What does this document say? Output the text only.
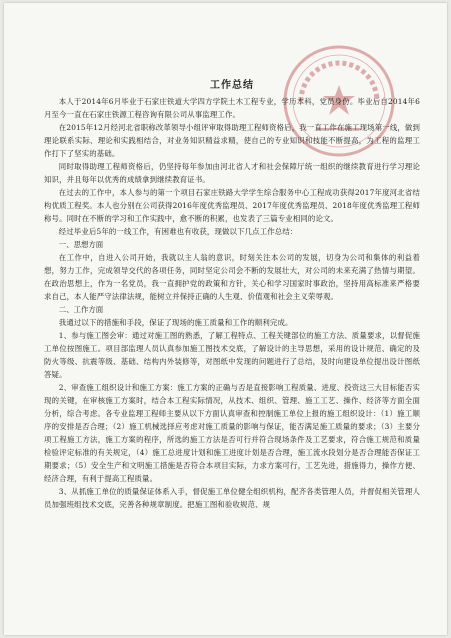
工作总结

本人于2014年6月毕业于石家庄铁道大学四方学院土木工程专业，学历本科，党员身份。毕业后自2014年6月至今一直在石家庄铁源工程咨询有限公司从事监理工作。

在2015年12月经河北省职称改革领导小组评审取得助理工程师资格后，我一直工作在施工现场第一线，做到理论联系实际、理论和实践相结合，对业务知识精益求精，使自己的专业知识和技能不断提高，为工程的监理工作打下了坚实的基础。

同时取得助理工程师资格后，仍坚持每年参加由河北省人才和社会保障厅统一组织的继续教育进行学习理论知识，并且每年以优秀的成绩拿到继续教育证书。

在过去的工作中，本人参与的第一个项目石家庄铁路大学学生综合服务中心工程成功获得2017年度河北省结构优质工程奖。本人也分别在公司获得2016年度优秀监理员、2017年度优秀监理员、2018年度优秀监理工程师称号。同时在不断的学习和工作实践中，愈不断的积累，也发表了三篇专业相同的论文。

经过毕业后5年的一线工作，有困难也有收获，现做以下几点工作总结：

一、思想方面

在工作中，自进入公司开始，我就以主人翁的意识，时刻关注本公司的发展，切身为公司和集体的利益着想，努力工作，完成领导交代的各项任务，同时坚定公司会不断的发展壮大，对公司的未来充满了热情与期望。在政治思想上，作为一名党员，我一直拥护党的政策和方针，关心和学习国家时事政治，坚持用高标准来严格要求自己，本人能严守法律法规，能树立并保持正确的人生观、价值观和社会主义荣辱观。

二、工作方面

我通过以下的措施和手段，保证了现场的施工质量和工作的顺利完成。

1、参与施工图会审：通过对施工图的熟悉，了解工程特点、工程关键部位的施工方法、质量要求，以督促施工单位按图施工。项目部监理人员认真参加施工图技术交底，了解设计的主导思想，采用的设计规范、确定的及防火等级、抗震等级、基础、结构内外装修等，对图纸中发现的问题进行了总结，及时向建设单位提出设计图纸答疑。

2、审查施工组织设计和施工方案：施工方案的正确与否是直接影响工程质量、进度、投资这三大目标能否实现的关键，在审核施工方案时，结合本工程实际情况，从技术、组织、管理、施工工艺、操作、经济等方面全面分析，综合考虑。各专业监理工程师主要从以下方面认真审查和控制施工单位上报的施工组织设计：（1）施工顺序的安排是否合理；（2）施工机械选择应考虑对施工质量的影响与保证，能否满足施工质量的要求；（3）主要分项工程施工方法，施工方案的程序，所选的施工方法是否可行并符合现场条件及工艺要求，符合施工规范和质量检验评定标准的有关规定，（4）施工总进度计划和施工进度计划是否合理，施工流水段划分是否合理能否保证工期要求；（5）安全生产和文明施工措施是否符合本项目实际，力求方案可行，工艺先进，措施得力，操作方便、经济合理，有利于提高工程质量。

3、从抓施工单位的质量保证体系入手，督促施工单位健全组织机构，配齐各类管理人员，并督促相关管理人员加强班组技术交底，完善各种规章制度。把施工图和验收规范、规
